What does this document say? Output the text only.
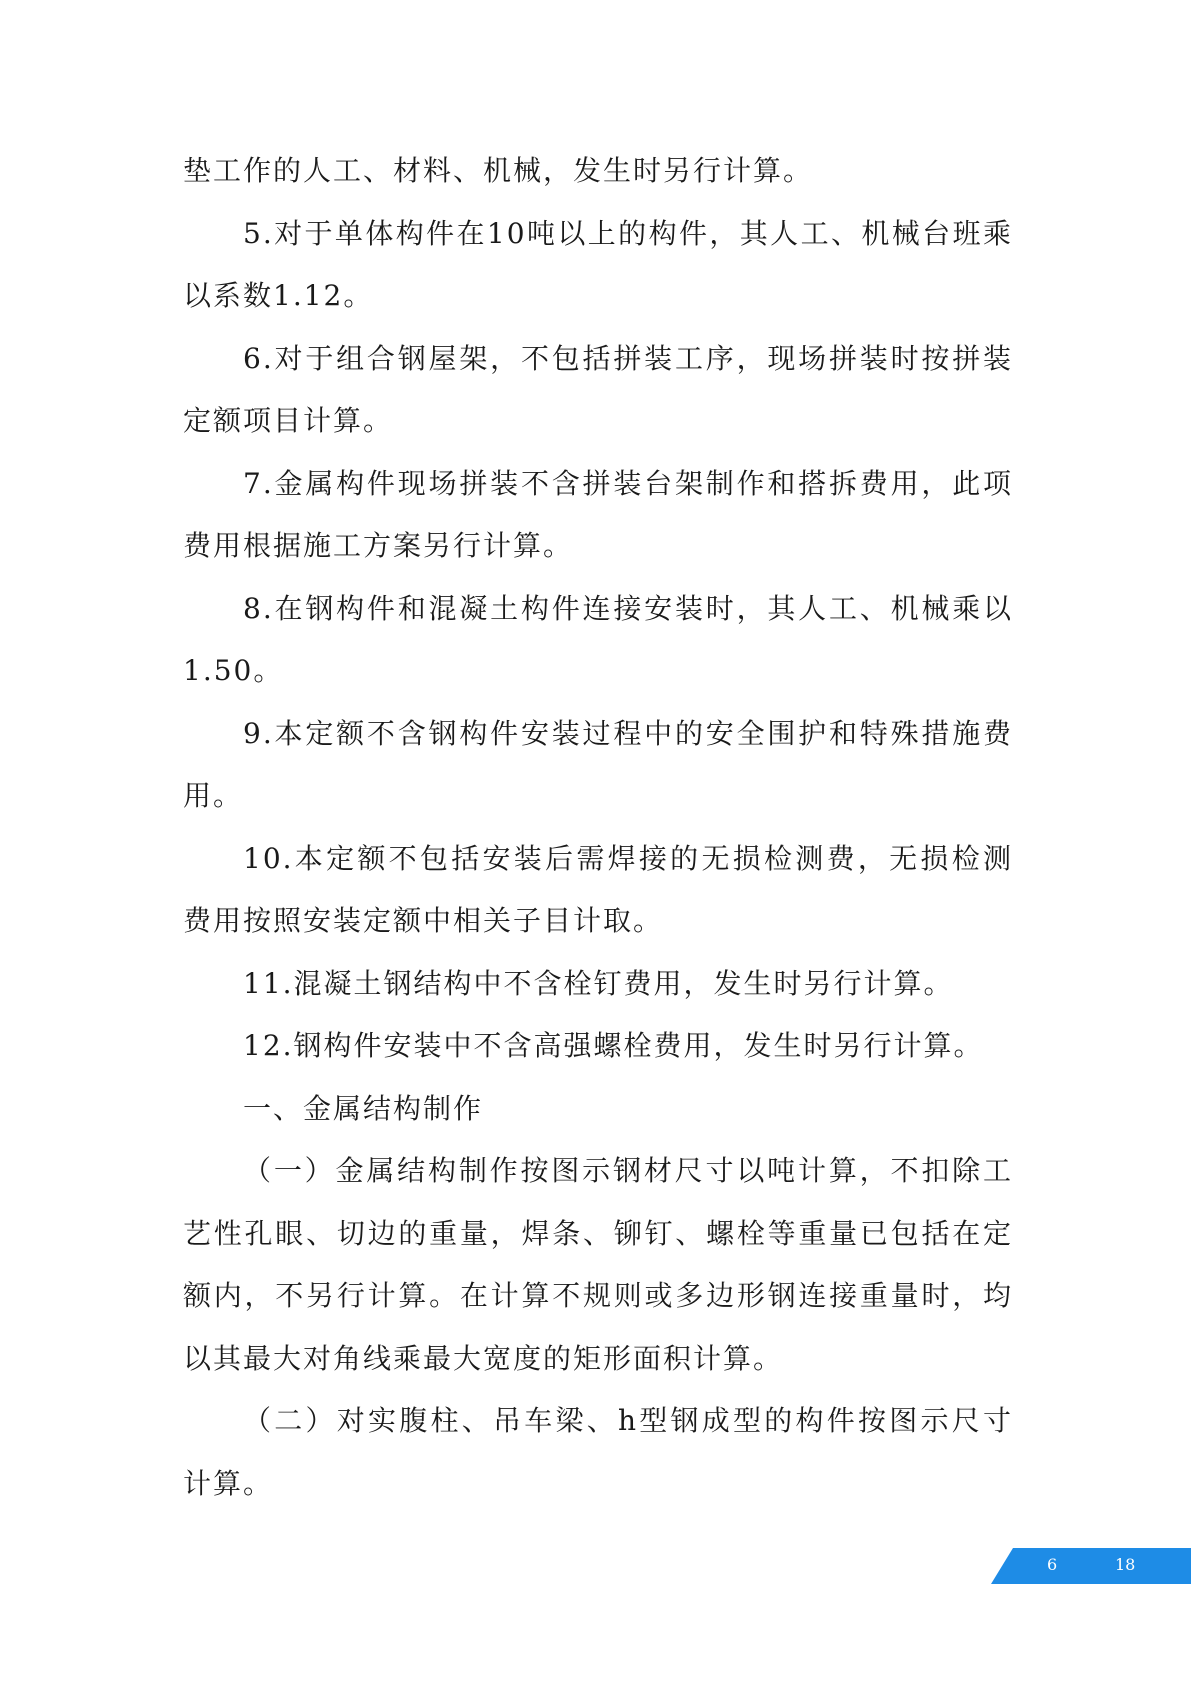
垫工作的人工、材料、机械，发生时另行计算。

5.对于单体构件在10吨以上的构件，其人工、机械台班乘以系数1.12。

6.对于组合钢屋架，不包括拼装工序，现场拼装时按拼装定额项目计算。

7.金属构件现场拼装不含拼装台架制作和搭拆费用，此项费用根据施工方案另行计算。

8.在钢构件和混凝土构件连接安装时，其人工、机械乘以1.50。

9.本定额不含钢构件安装过程中的安全围护和特殊措施费用。

10.本定额不包括安装后需焊接的无损检测费，无损检测费用按照安装定额中相关子目计取。

11.混凝土钢结构中不含栓钉费用，发生时另行计算。

12.钢构件安装中不含高强螺栓费用，发生时另行计算。

一、金属结构制作

（一）金属结构制作按图示钢材尺寸以吨计算，不扣除工艺性孔眼、切边的重量，焊条、铆钉、螺栓等重量已包括在定额内，不另行计算。在计算不规则或多边形钢连接重量时，均以其最大对角线乘最大宽度的矩形面积计算。

（二）对实腹柱、吊车梁、h型钢成型的构件按图示尺寸计算。

6	18
